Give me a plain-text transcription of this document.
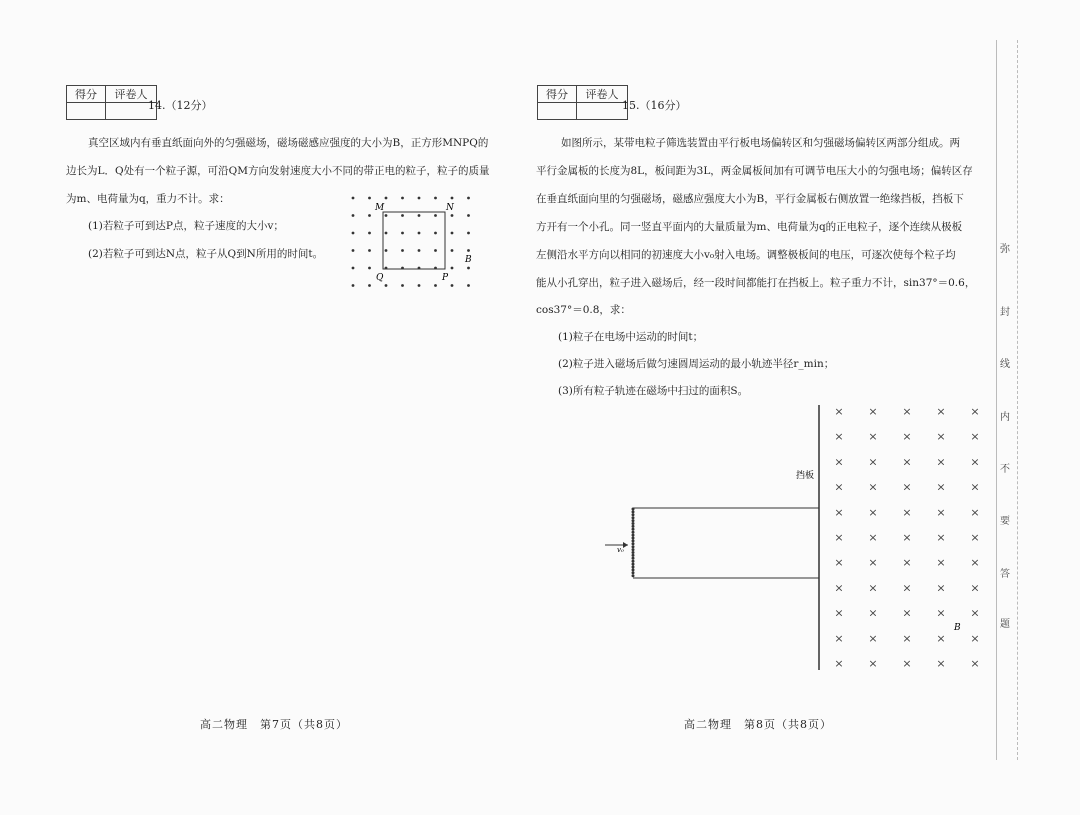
得分	评卷人

14.（12分）
真空区域内有垂直纸面向外的匀强磁场，磁场磁感应强度的大小为B，正方形MNPQ的
边长为L．Q处有一个粒子源，可沿QM方向发射速度大小不同的带正电的粒子，粒子的质量
为m、电荷量为q，重力不计。求：
(1)若粒子可到达P点，粒子速度的大小v；
(2)若粒子可到达N点，粒子从Q到N所用的时间t。
M	N
P
Q
B
高二物理　第7页（共8页）
得分	评卷人

15.（16分）
如图所示，某带电粒子筛选装置由平行板电场偏转区和匀强磁场偏转区两部分组成。两
平行金属板的长度为8L，板间距为3L，两金属板间加有可调节电压大小的匀强电场；偏转区存
在垂直纸面向里的匀强磁场，磁感应强度大小为B，平行金属板右侧放置一绝缘挡板，挡板下
方开有一个小孔。同一竖直平面内的大量质量为m、电荷量为q的正电粒子，逐个连续从极板
左侧沿水平方向以相同的初速度大小v₀射入电场。调整极板间的电压，可逐次使每个粒子均
能从小孔穿出，粒子进入磁场后，经一段时间都能打在挡板上。粒子重力不计，sin37°＝0.6，
cos37°＝0.8，求：
(1)粒子在电场中运动的时间t；
(2)粒子进入磁场后做匀速圆周运动的最小轨迹半径r_min；
(3)所有粒子轨迹在磁场中扫过的面积S。
挡板
v₀
× × × × ×
× × × × ×
× × × × ×
× × × × ×
× × × × ×
× × × × ×
× × × × ×
× × × × ×
× × × × ×
× × × × ×
× × × × ×
B
高二物理　第8页（共8页）
弥
封
线
内
不
要
答
题
